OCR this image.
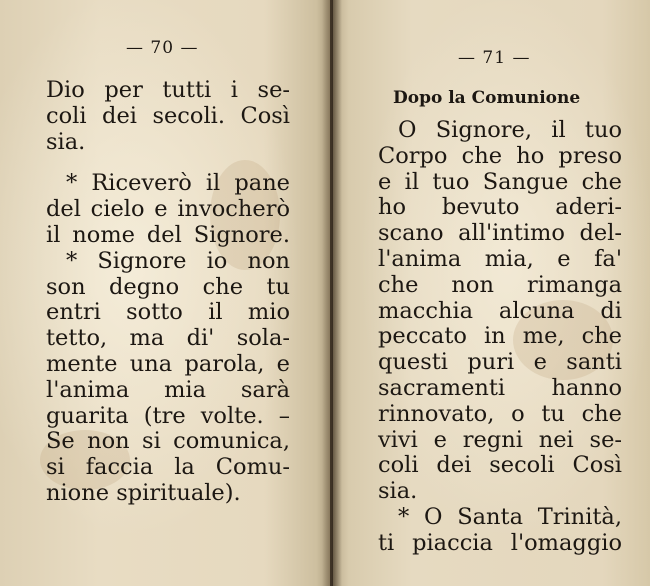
— 70 —
Dio per tutti i se-
coli dei secoli. Così
sia.
* Riceverò il pane
del cielo e invocherò
il nome del Signore.
* Signore io non
son degno che tu
entri sotto il mio
tetto, ma di' sola-
mente una parola, e
l'anima mia sarà
guarita (tre volte. –
Se non si comunica,
si faccia la Comu-
nione spirituale).
— 71 —
Dopo la Comunione
O Signore, il tuo
Corpo che ho preso
e il tuo Sangue che
ho bevuto aderi-
scano all'intimo del-
l'anima mia, e fa'
che non rimanga
macchia alcuna di
peccato in me, che
questi puri e santi
sacramenti hanno
rinnovato, o tu che
vivi e regni nei se-
coli dei secoli Così
sia.
* O Santa Trinità,
ti piaccia l'omaggio
